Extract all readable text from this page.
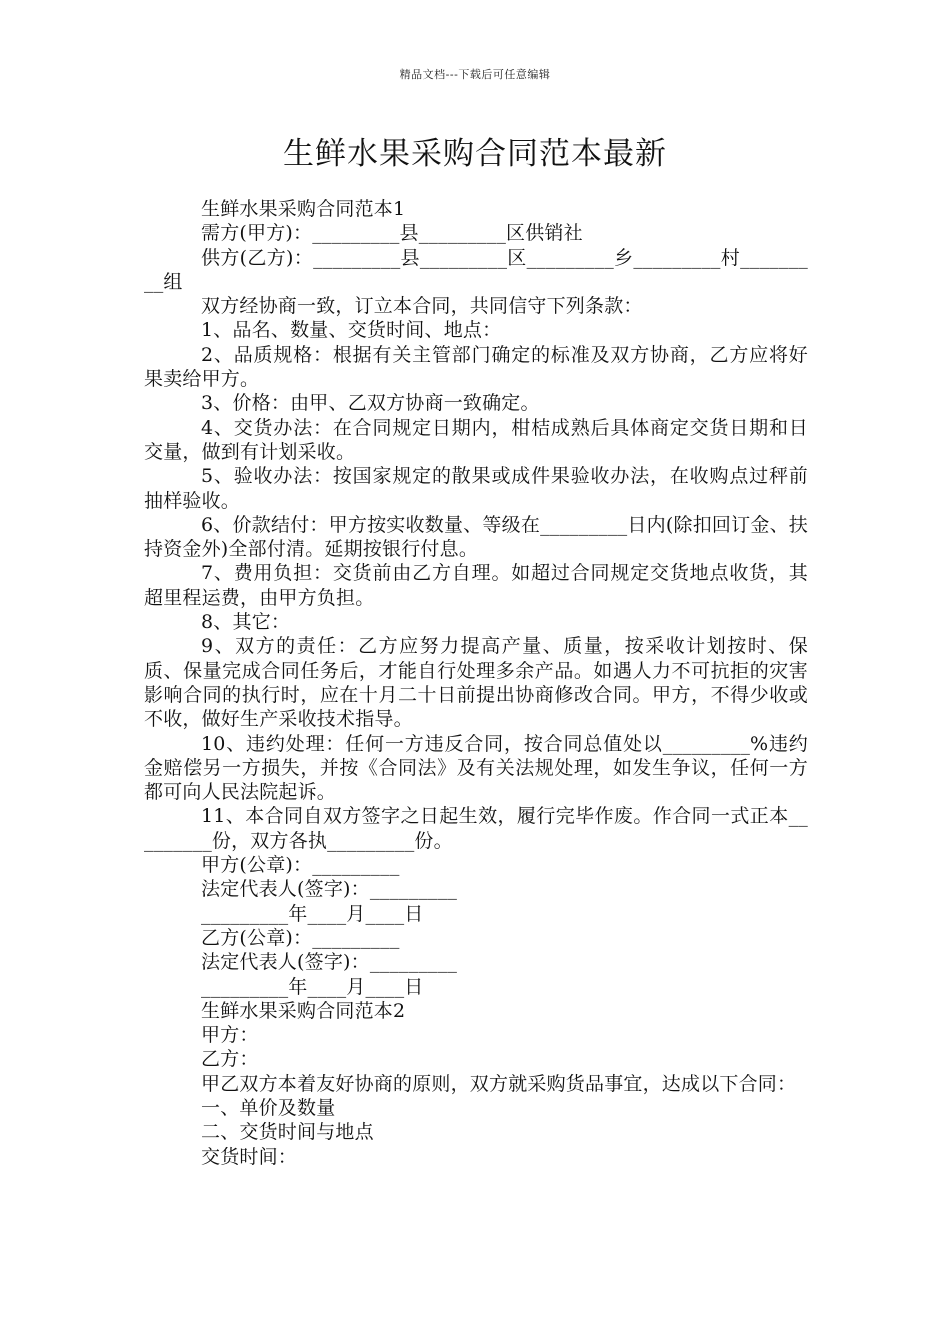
精品文档---下载后可任意编辑
生鲜水果采购合同范本最新

生鲜水果采购合同范本1

需方(甲方)：_________县_________区供销社

供方(乙方)：_________县_________区_________乡_________村_________组

双方经协商一致，订立本合同，共同信守下列条款：

1、品名、数量、交货时间、地点：

2、品质规格：根据有关主管部门确定的标准及双方协商，乙方应将好果卖给甲方。

3、价格：由甲、乙双方协商一致确定。

4、交货办法：在合同规定日期内，柑桔成熟后具体商定交货日期和日交量，做到有计划采收。

5、验收办法：按国家规定的散果或成件果验收办法，在收购点过秤前抽样验收。

6、价款结付：甲方按实收数量、等级在_________日内(除扣回订金、扶持资金外)全部付清。延期按银行付息。

7、费用负担：交货前由乙方自理。如超过合同规定交货地点收货，其超里程运费，由甲方负担。

8、其它：

9、双方的责任：乙方应努力提高产量、质量，按采收计划按时、保质、保量完成合同任务后，才能自行处理多余产品。如遇人力不可抗拒的灾害影响合同的执行时，应在十月二十日前提出协商修改合同。甲方，不得少收或不收，做好生产采收技术指导。

10、违约处理：任何一方违反合同，按合同总值处以_________%违约金赔偿另一方损失，并按《合同法》及有关法规处理，如发生争议，任何一方都可向人民法院起诉。

11、本合同自双方签字之日起生效，履行完毕作废。作合同一式正本_________份，双方各执_________份。

甲方(公章)：_________

法定代表人(签字)：_________

_________年____月____日

乙方(公章)：_________

法定代表人(签字)：_________

_________年____月____日

生鲜水果采购合同范本2

甲方：

乙方：

甲乙双方本着友好协商的原则，双方就采购货品事宜，达成以下合同：

一、单价及数量

二、交货时间与地点

交货时间：
